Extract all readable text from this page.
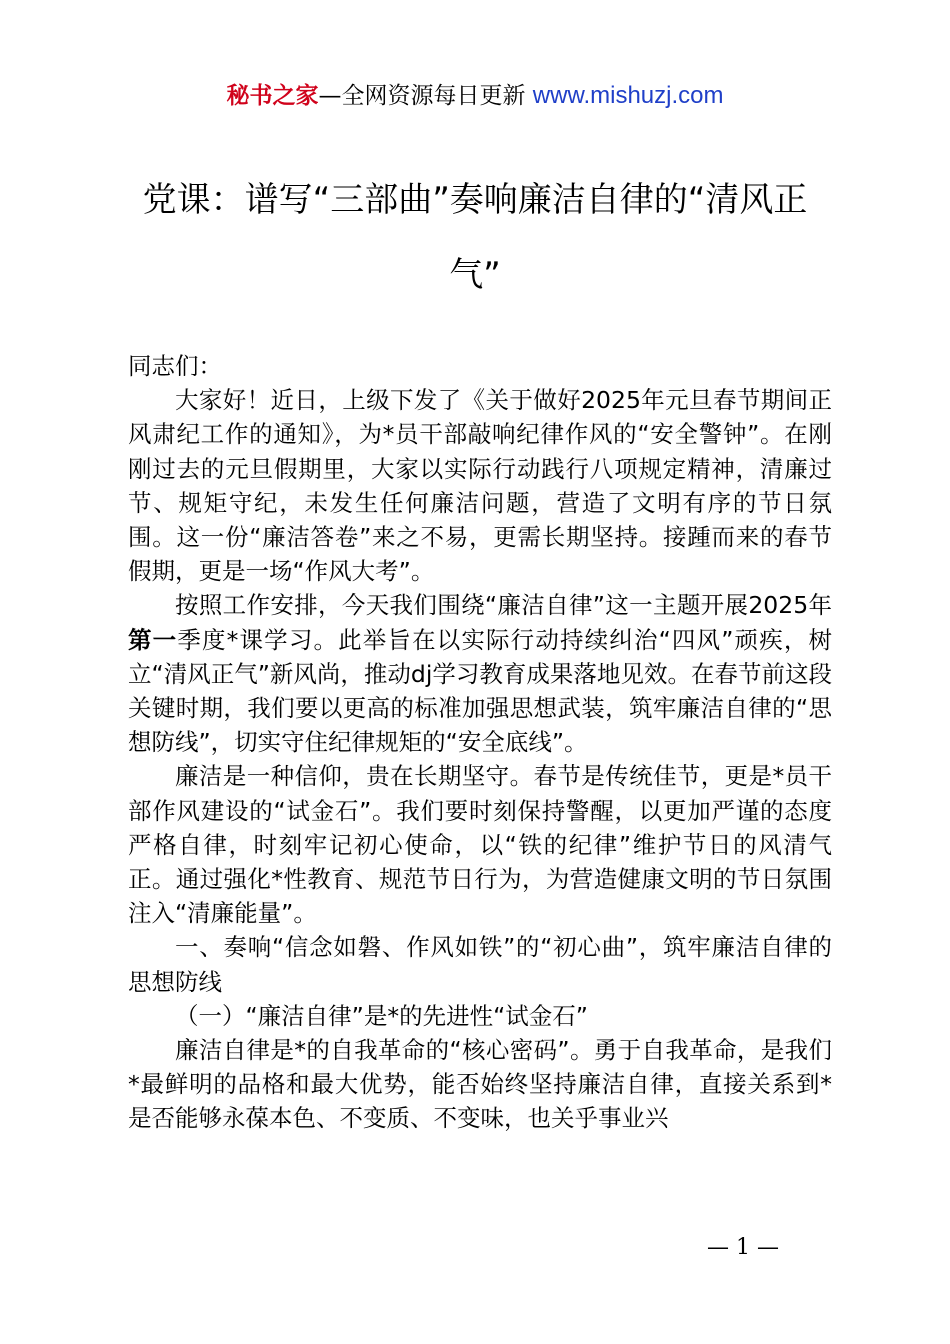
秘书之家—全网资源每日更新 www.mishuzj.com
党课：谱写“三部曲”奏响廉洁自律的“清风正气”

同志们：

大家好！近日，上级下发了《关于做好2025年元旦春节期间正风肃纪工作的通知》，为*员干部敲响纪律作风的“安全警钟”。在刚刚过去的元旦假期里，大家以实际行动践行八项规定精神，清廉过节、规矩守纪，未发生任何廉洁问题，营造了文明有序的节日氛围。这一份“廉洁答卷”来之不易，更需长期坚持。接踵而来的春节假期，更是一场“作风大考”。

按照工作安排，今天我们围绕“廉洁自律”这一主题开展2025年第一季度*课学习。此举旨在以实际行动持续纠治“四风”顽疾，树立“清风正气”新风尚，推动dj学习教育成果落地见效。在春节前这段关键时期，我们要以更高的标准加强思想武装，筑牢廉洁自律的“思想防线”，切实守住纪律规矩的“安全底线”。

廉洁是一种信仰，贵在长期坚守。春节是传统佳节，更是*员干部作风建设的“试金石”。我们要时刻保持警醒，以更加严谨的态度严格自律，时刻牢记初心使命，以“铁的纪律”维护节日的风清气正。通过强化*性教育、规范节日行为，为营造健康文明的节日氛围注入“清廉能量”。

一、奏响“信念如磐、作风如铁”的“初心曲”，筑牢廉洁自律的思想防线

（一）“廉洁自律”是*的先进性“试金石”

廉洁自律是*的自我革命的“核心密码”。勇于自我革命，是我们*最鲜明的品格和最大优势，能否始终坚持廉洁自律，直接关系到*是否能够永葆本色、不变质、不变味，也关乎事业兴

— 1 —
